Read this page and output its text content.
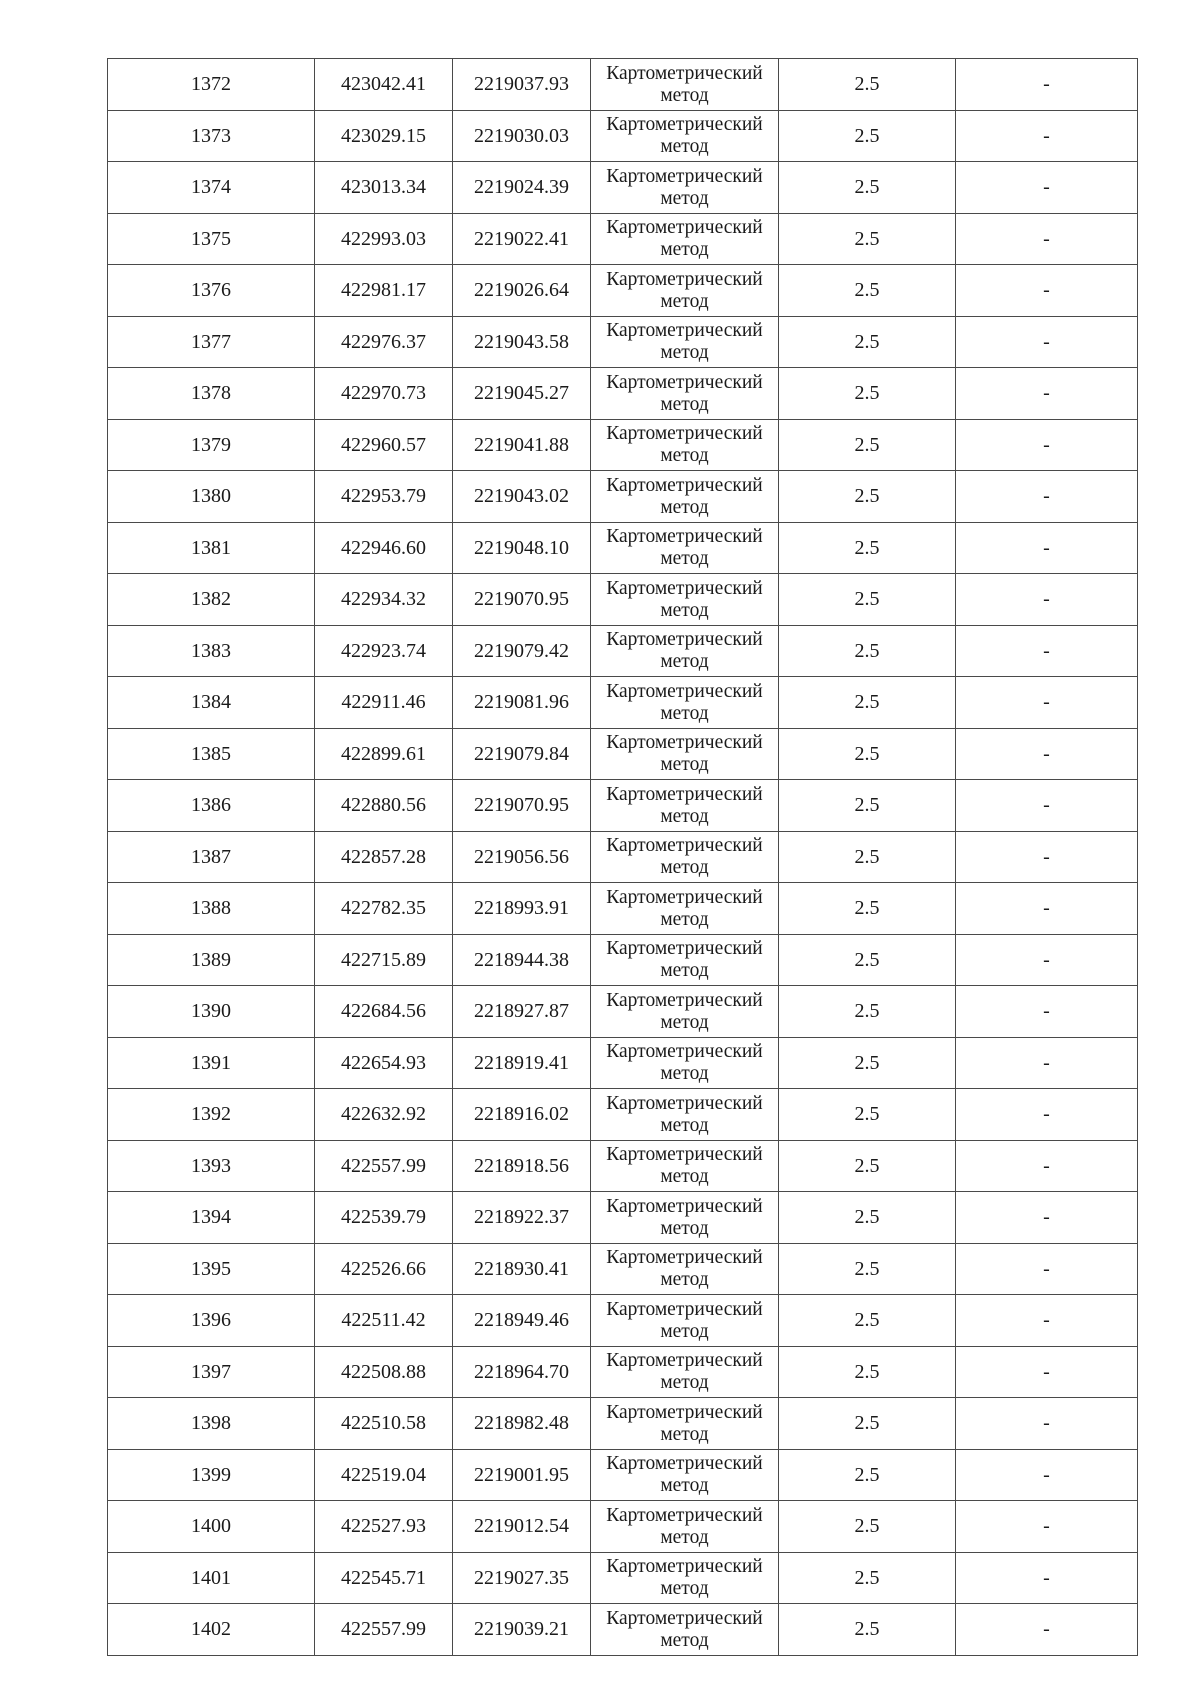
1372	423042.41	2219037.93	Картометрический метод	2.5	-
1373	423029.15	2219030.03	Картометрический метод	2.5	-
1374	423013.34	2219024.39	Картометрический метод	2.5	-
1375	422993.03	2219022.41	Картометрический метод	2.5	-
1376	422981.17	2219026.64	Картометрический метод	2.5	-
1377	422976.37	2219043.58	Картометрический метод	2.5	-
1378	422970.73	2219045.27	Картометрический метод	2.5	-
1379	422960.57	2219041.88	Картометрический метод	2.5	-
1380	422953.79	2219043.02	Картометрический метод	2.5	-
1381	422946.60	2219048.10	Картометрический метод	2.5	-
1382	422934.32	2219070.95	Картометрический метод	2.5	-
1383	422923.74	2219079.42	Картометрический метод	2.5	-
1384	422911.46	2219081.96	Картометрический метод	2.5	-
1385	422899.61	2219079.84	Картометрический метод	2.5	-
1386	422880.56	2219070.95	Картометрический метод	2.5	-
1387	422857.28	2219056.56	Картометрический метод	2.5	-
1388	422782.35	2218993.91	Картометрический метод	2.5	-
1389	422715.89	2218944.38	Картометрический метод	2.5	-
1390	422684.56	2218927.87	Картометрический метод	2.5	-
1391	422654.93	2218919.41	Картометрический метод	2.5	-
1392	422632.92	2218916.02	Картометрический метод	2.5	-
1393	422557.99	2218918.56	Картометрический метод	2.5	-
1394	422539.79	2218922.37	Картометрический метод	2.5	-
1395	422526.66	2218930.41	Картометрический метод	2.5	-
1396	422511.42	2218949.46	Картометрический метод	2.5	-
1397	422508.88	2218964.70	Картометрический метод	2.5	-
1398	422510.58	2218982.48	Картометрический метод	2.5	-
1399	422519.04	2219001.95	Картометрический метод	2.5	-
1400	422527.93	2219012.54	Картометрический метод	2.5	-
1401	422545.71	2219027.35	Картометрический метод	2.5	-
1402	422557.99	2219039.21	Картометрический метод	2.5	-
